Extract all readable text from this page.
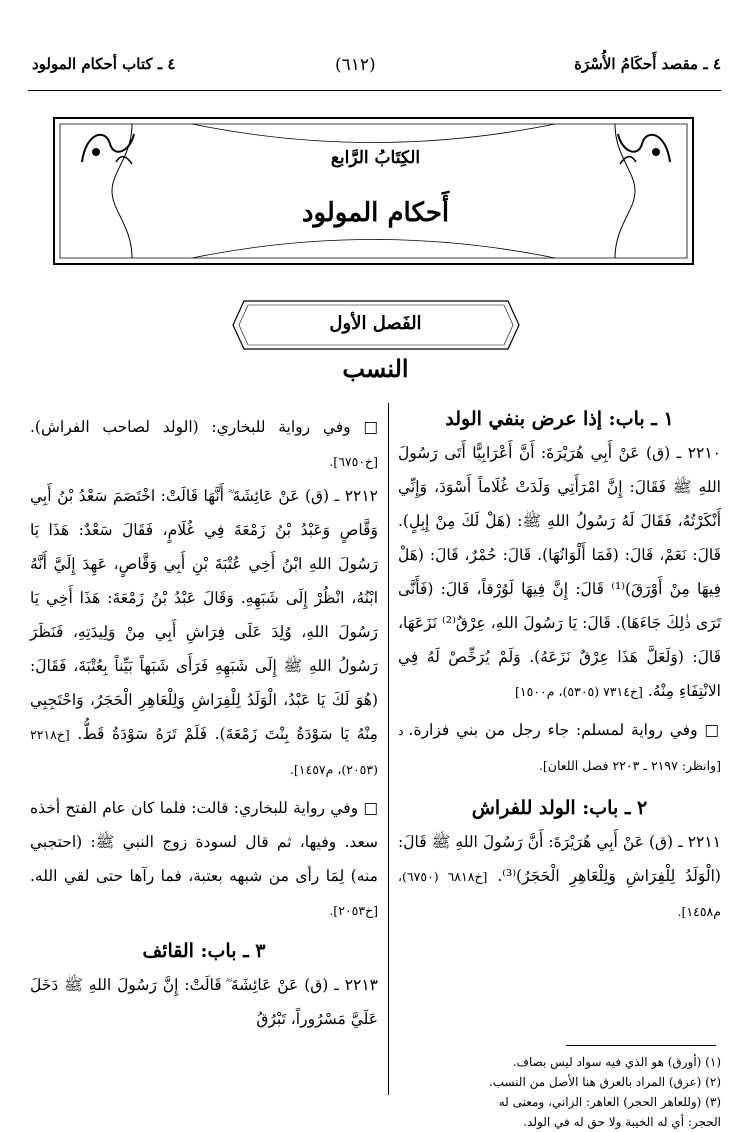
٤ ـ مقصد أَحكَامُ الأُسْرَة
(٦١٢)
٤ ـ كتاب أحكام المولود
الكِتَابُ الرَّابع
أَحكام المولود
الفَصل الأول
النسب

١ ـ باب: إذا عرض بنفي الولد

٢٢١٠ ـ (ق) عَنْ أَبِي هُرَيْرَةَ: أَنَّ أَعْرَابِيًّا أَتَى رَسُولَ اللهِ ﷺ فَقَالَ: إِنَّ امْرَأَتِي وَلَدَتْ غُلَاماً أَسْوَدَ، وَإِنِّي أَنْكَرْتُهُ، فَقَالَ لَهُ رَسُولُ اللهِ ﷺ: (هَلْ لَكَ مِنْ إِبِلٍ). قَالَ: نَعَمْ، قَالَ: (فَمَا أَلْوَانُهَا). قَالَ: حُمْرٌ، قَالَ: (هَلْ فِيهَا مِنْ أَوْرَقَ)⁽¹⁾ قَالَ: إِنَّ فِيهَا لَوُرْقاً، قَالَ: (فَأَنَّى تَرَى ذٰلِكَ جَاءَهَا). قَالَ: يَا رَسُولَ اللهِ، عِرْقٌ⁽²⁾ نَزَعَهَا، قَالَ: (وَلَعَلَّ هَذَا عِرْقٌ نَزَعَهُ). وَلَمْ يُرَخِّصْ لَهُ فِي الانْتِفَاءِ مِنْهُ. [خ٧٣١٤ (٥٣٠٥)، م١٥٠٠]

□ وفي رواية لمسلم: جاء رجل من بني فزارة. د [وانظر: ٢١٩٧ ـ ٢٢٠٣ فصل اللعان].

٢ ـ باب: الولد للفراش

٢٢١١ ـ (ق) عَنْ أَبِي هُرَيْرَةَ: أَنَّ رَسُولَ اللهِ ﷺ قَالَ: (الْوَلَدُ لِلْفِرَاشِ وَلِلْعَاهِرِ الْحَجَرُ)⁽³⁾. [خ٦٨١٨ (٦٧٥٠)، م١٤٥٨].

(١) (أورق) هو الذي فيه سواد ليس بصاف.
(٢) (عرق) المراد بالعرق هنا الأصل من النسب.
(٣) (وللعاهر الحجر) العاهر: الزاني، ومعنى له
الحجر: أي له الخيبة ولا حق له في الولد.

□ وفي رواية للبخاري: (الولد لصاحب الفراش). [خ٦٧٥٠].

٢٢١٢ ـ (ق) عَنْ عَائِشَةَ ؓ أَنَّهَا قَالَتْ: اخْتَصَمَ سَعْدُ بْنُ أَبِي وَقَّاصٍ وَعَبْدُ بْنُ زَمْعَةَ فِي غُلَامٍ، فَقَالَ سَعْدٌ: هَذَا يَا رَسُولَ اللهِ ابْنُ أَخِي عُتْبَةَ بْنِ أَبِي وَقَّاصٍ، عَهِدَ إِلَيَّ أَنَّهُ ابْنُهُ، انْظُرْ إِلَى شَبَهِهِ. وَقَالَ عَبْدُ بْنُ زَمْعَةَ: هَذَا أَخِي يَا رَسُولَ اللهِ، وُلِدَ عَلَى فِرَاشِ أَبِي مِنْ وَلِيدَتِهِ، فَنَظَرَ رَسُولُ اللهِ ﷺ إِلَى شَبَهِهِ فَرَأَى شَبَهاً بَيِّناً بِعُتْبَةَ، فَقَالَ: (هُوَ لَكَ يَا عَبْدُ، الْوَلَدُ لِلْفِرَاشِ وَلِلْعَاهِرِ الْحَجَرُ، وَاحْتَجِبِي مِنْهُ يَا سَوْدَةُ بِنْتَ زَمْعَةَ). فَلَمْ تَرَهُ سَوْدَةُ قَطُّ. [خ٢٢١٨ (٢٠٥٣)، م١٤٥٧].

□ وفي رواية للبخاري: قالت: فلما كان عام الفتح أخذه سعد. وفيها، ثم قال لسودة زوج النبي ﷺ: (احتجبي منه) لِمَا رأى من شبهه بعتبة، فما رآها حتى لقي الله. [خ٢٠٥٣].

٣ ـ باب: القائف

٢٢١٣ ـ (ق) عَنْ عَائِشَةَ ؓ قَالَتْ: إِنَّ رَسُولَ اللهِ ﷺ دَخَلَ عَلَيَّ مَسْرُوراً، تَبْرُقُ
